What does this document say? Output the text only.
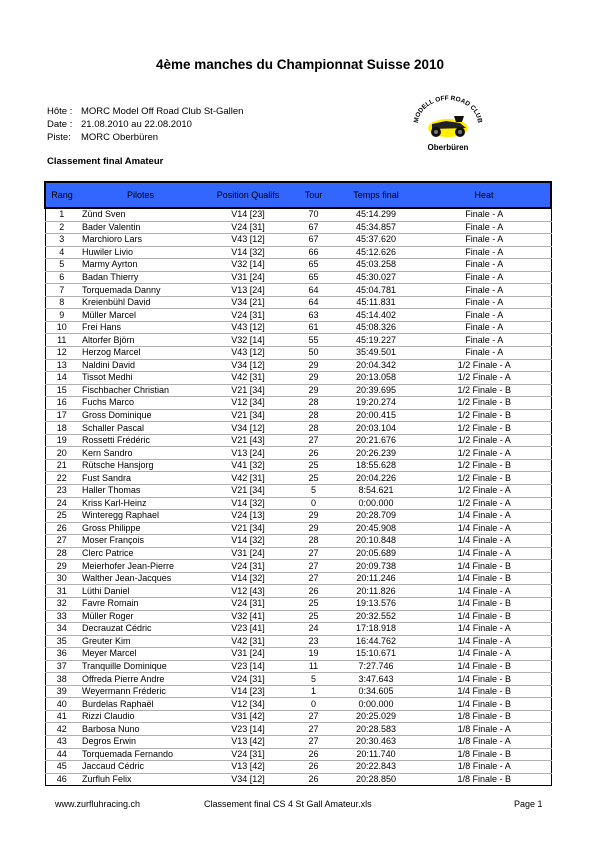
4ème manches du Championnat Suisse 2010
Hôte : MORC Model Off Road Club St-Gallen
Date : 21.08.2010 au 22.08.2010
Piste: MORC Oberbüren
MODELL OFF ROAD CLUB
Oberbüren
Classement final Amateur
Rang	Pilotes	Position Qualifs	Tour	Temps final	Heat
1	Zünd Sven	V14 [23]	70	45:14.299	Finale - A
2	Bader Valentin	V24 [31]	67	45:34.857	Finale - A
3	Marchioro Lars	V43 [12]	67	45:37.620	Finale - A
4	Huwiler Livio	V14 [32]	66	45:12.626	Finale - A
5	Marmy Ayrton	V32 [14]	65	45:03.258	Finale - A
6	Badan Thierry	V31 [24]	65	45:30.027	Finale - A
7	Torquemada Danny	V13 [24]	64	45:04.781	Finale - A
8	Kreienbühl David	V34 [21]	64	45:11.831	Finale - A
9	Müller Marcel	V24 [31]	63	45:14.402	Finale - A
10	Frei Hans	V43 [12]	61	45:08.326	Finale - A
11	Altorfer Björn	V32 [14]	55	45:19.227	Finale - A
12	Herzog Marcel	V43 [12]	50	35:49.501	Finale - A
13	Naldini David	V34 [12]	29	20:04.342	1/2 Finale - A
14	Tissot Medhi	V42 [31]	29	20:13.058	1/2 Finale - A
15	Fischbacher Christian	V21 [34]	29	20:39.695	1/2 Finale - B
16	Fuchs Marco	V12 [34]	28	19:20.274	1/2 Finale - B
17	Gross Dominique	V21 [34]	28	20:00.415	1/2 Finale - B
18	Schaller Pascal	V34 [12]	28	20:03.104	1/2 Finale - B
19	Rossetti Frédéric	V21 [43]	27	20:21.676	1/2 Finale - A
20	Kern Sandro	V13 [24]	26	20:26.239	1/2 Finale - A
21	Rütsche Hansjorg	V41 [32]	25	18:55.628	1/2 Finale - B
22	Fust Sandra	V42 [31]	25	20:04.226	1/2 Finale - B
23	Haller Thomas	V21 [34]	5	8:54.621	1/2 Finale - A
24	Kriss Karl-Heinz	V14 [32]	0	0:00.000	1/2 Finale - A
25	Winteregg Raphael	V24 [13]	29	20:28.709	1/4 Finale - A
26	Gross Philippe	V21 [34]	29	20:45.908	1/4 Finale - A
27	Moser François	V14 [32]	28	20:10.848	1/4 Finale - A
28	Clerc Patrice	V31 [24]	27	20:05.689	1/4 Finale - A
29	Meierhofer Jean-Pierre	V24 [31]	27	20:09.738	1/4 Finale - B
30	Walther Jean-Jacques	V14 [32]	27	20:11.246	1/4 Finale - B
31	Lüthi Daniel	V12 [43]	26	20:11.826	1/4 Finale - A
32	Favre Romain	V24 [31]	25	19:13.576	1/4 Finale - B
33	Müller Roger	V32 [41]	25	20:32.552	1/4 Finale - B
34	Decrauzat Cédric	V23 [41]	24	17:18.918	1/4 Finale - A
35	Greuter Kim	V42 [31]	23	16:44.762	1/4 Finale - A
36	Meyer Marcel	V31 [24]	19	15:10.671	1/4 Finale - A
37	Tranquille Dominique	V23 [14]	11	7:27.746	1/4 Finale - B
38	Offreda Pierre Andre	V24 [31]	5	3:47.643	1/4 Finale - B
39	Weyermann Fréderic	V14 [23]	1	0:34.605	1/4 Finale - B
40	Burdelas Raphaël	V12 [34]	0	0:00.000	1/4 Finale - B
41	Rizzi Claudio	V31 [42]	27	20:25.029	1/8 Finale - B
42	Barbosa Nuno	V23 [14]	27	20:28.583	1/8 Finale - A
43	Degros Erwin	V13 [42]	27	20:30.463	1/8 Finale - A
44	Torquemada Fernando	V24 [31]	26	20:11.740	1/8 Finale - B
45	Jaccaud Cédric	V13 [42]	26	20:22.843	1/8 Finale - A
46	Zurfluh Felix	V34 [12]	26	20:28.850	1/8 Finale - B
www.zurfluhracing.ch	Classement final CS 4 St Gall Amateur.xls	Page 1
